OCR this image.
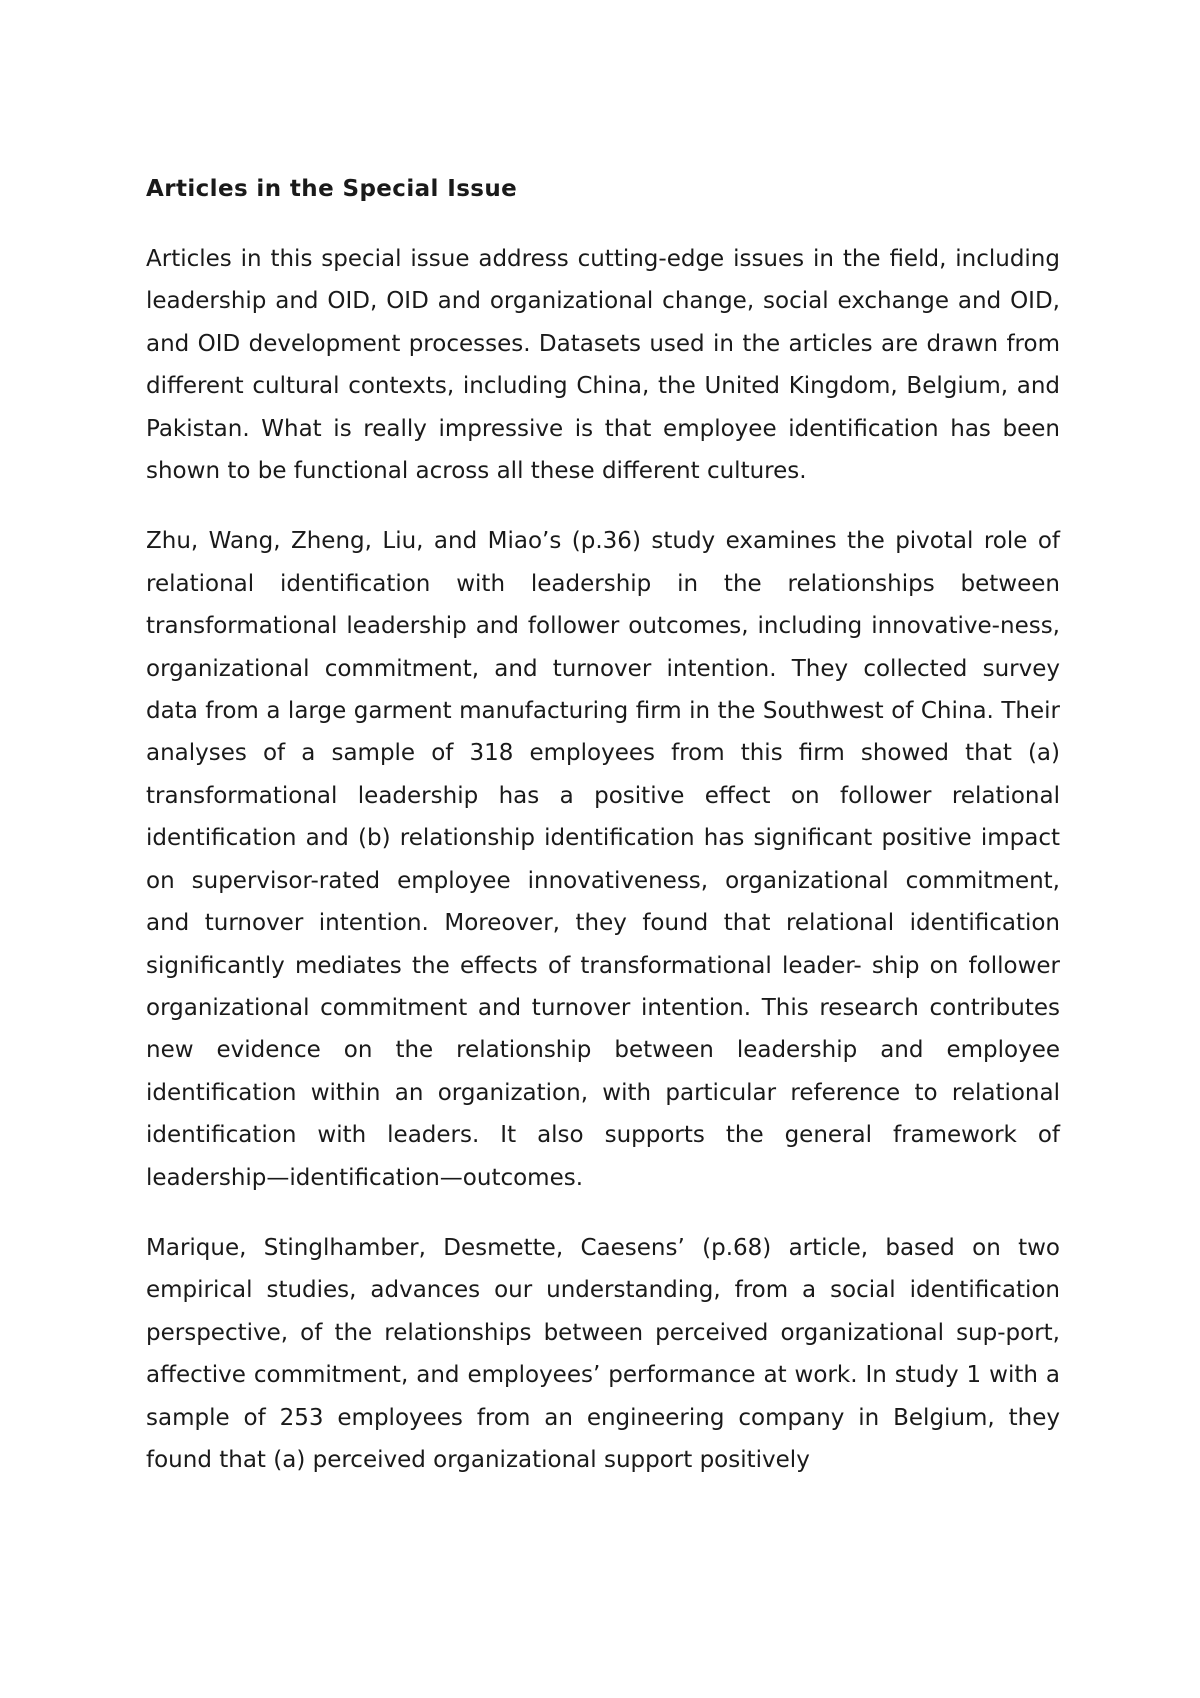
Articles in the Special Issue

Articles in this special issue address cutting-edge issues in the field, including leadership and OID, OID and organizational change, social exchange and OID, and OID development processes. Datasets used in the articles are drawn from different cultural contexts, including China, the United Kingdom, Belgium, and Pakistan. What is really impressive is that employee identification has been shown to be functional across all these different cultures.

Zhu, Wang, Zheng, Liu, and Miao’s (p.36) study examines the pivotal role of relational identification with leadership in the relationships between transformational leadership and follower outcomes, including innovative-ness, organizational commitment, and turnover intention. They collected survey data from a large garment manufacturing firm in the Southwest of China. Their analyses of a sample of 318 employees from this firm showed that (a) transformational leadership has a positive effect on follower relational identification and (b) relationship identification has significant positive impact on supervisor-rated employee innovativeness, organizational commitment, and turnover intention. Moreover, they found that relational identification significantly mediates the effects of transformational leader- ship on follower organizational commitment and turnover intention. This research contributes new evidence on the relationship between leadership and employee identification within an organization, with particular reference to relational identification with leaders. It also supports the general framework of leadership—identification—outcomes.

Marique, Stinglhamber, Desmette, Caesens’ (p.68) article, based on two empirical studies, advances our understanding, from a social identification perspective, of the relationships between perceived organizational sup-port, affective commitment, and employees’ performance at work. In study 1 with a sample of 253 employees from an engineering company in Belgium, they found that (a) perceived organizational support positively
